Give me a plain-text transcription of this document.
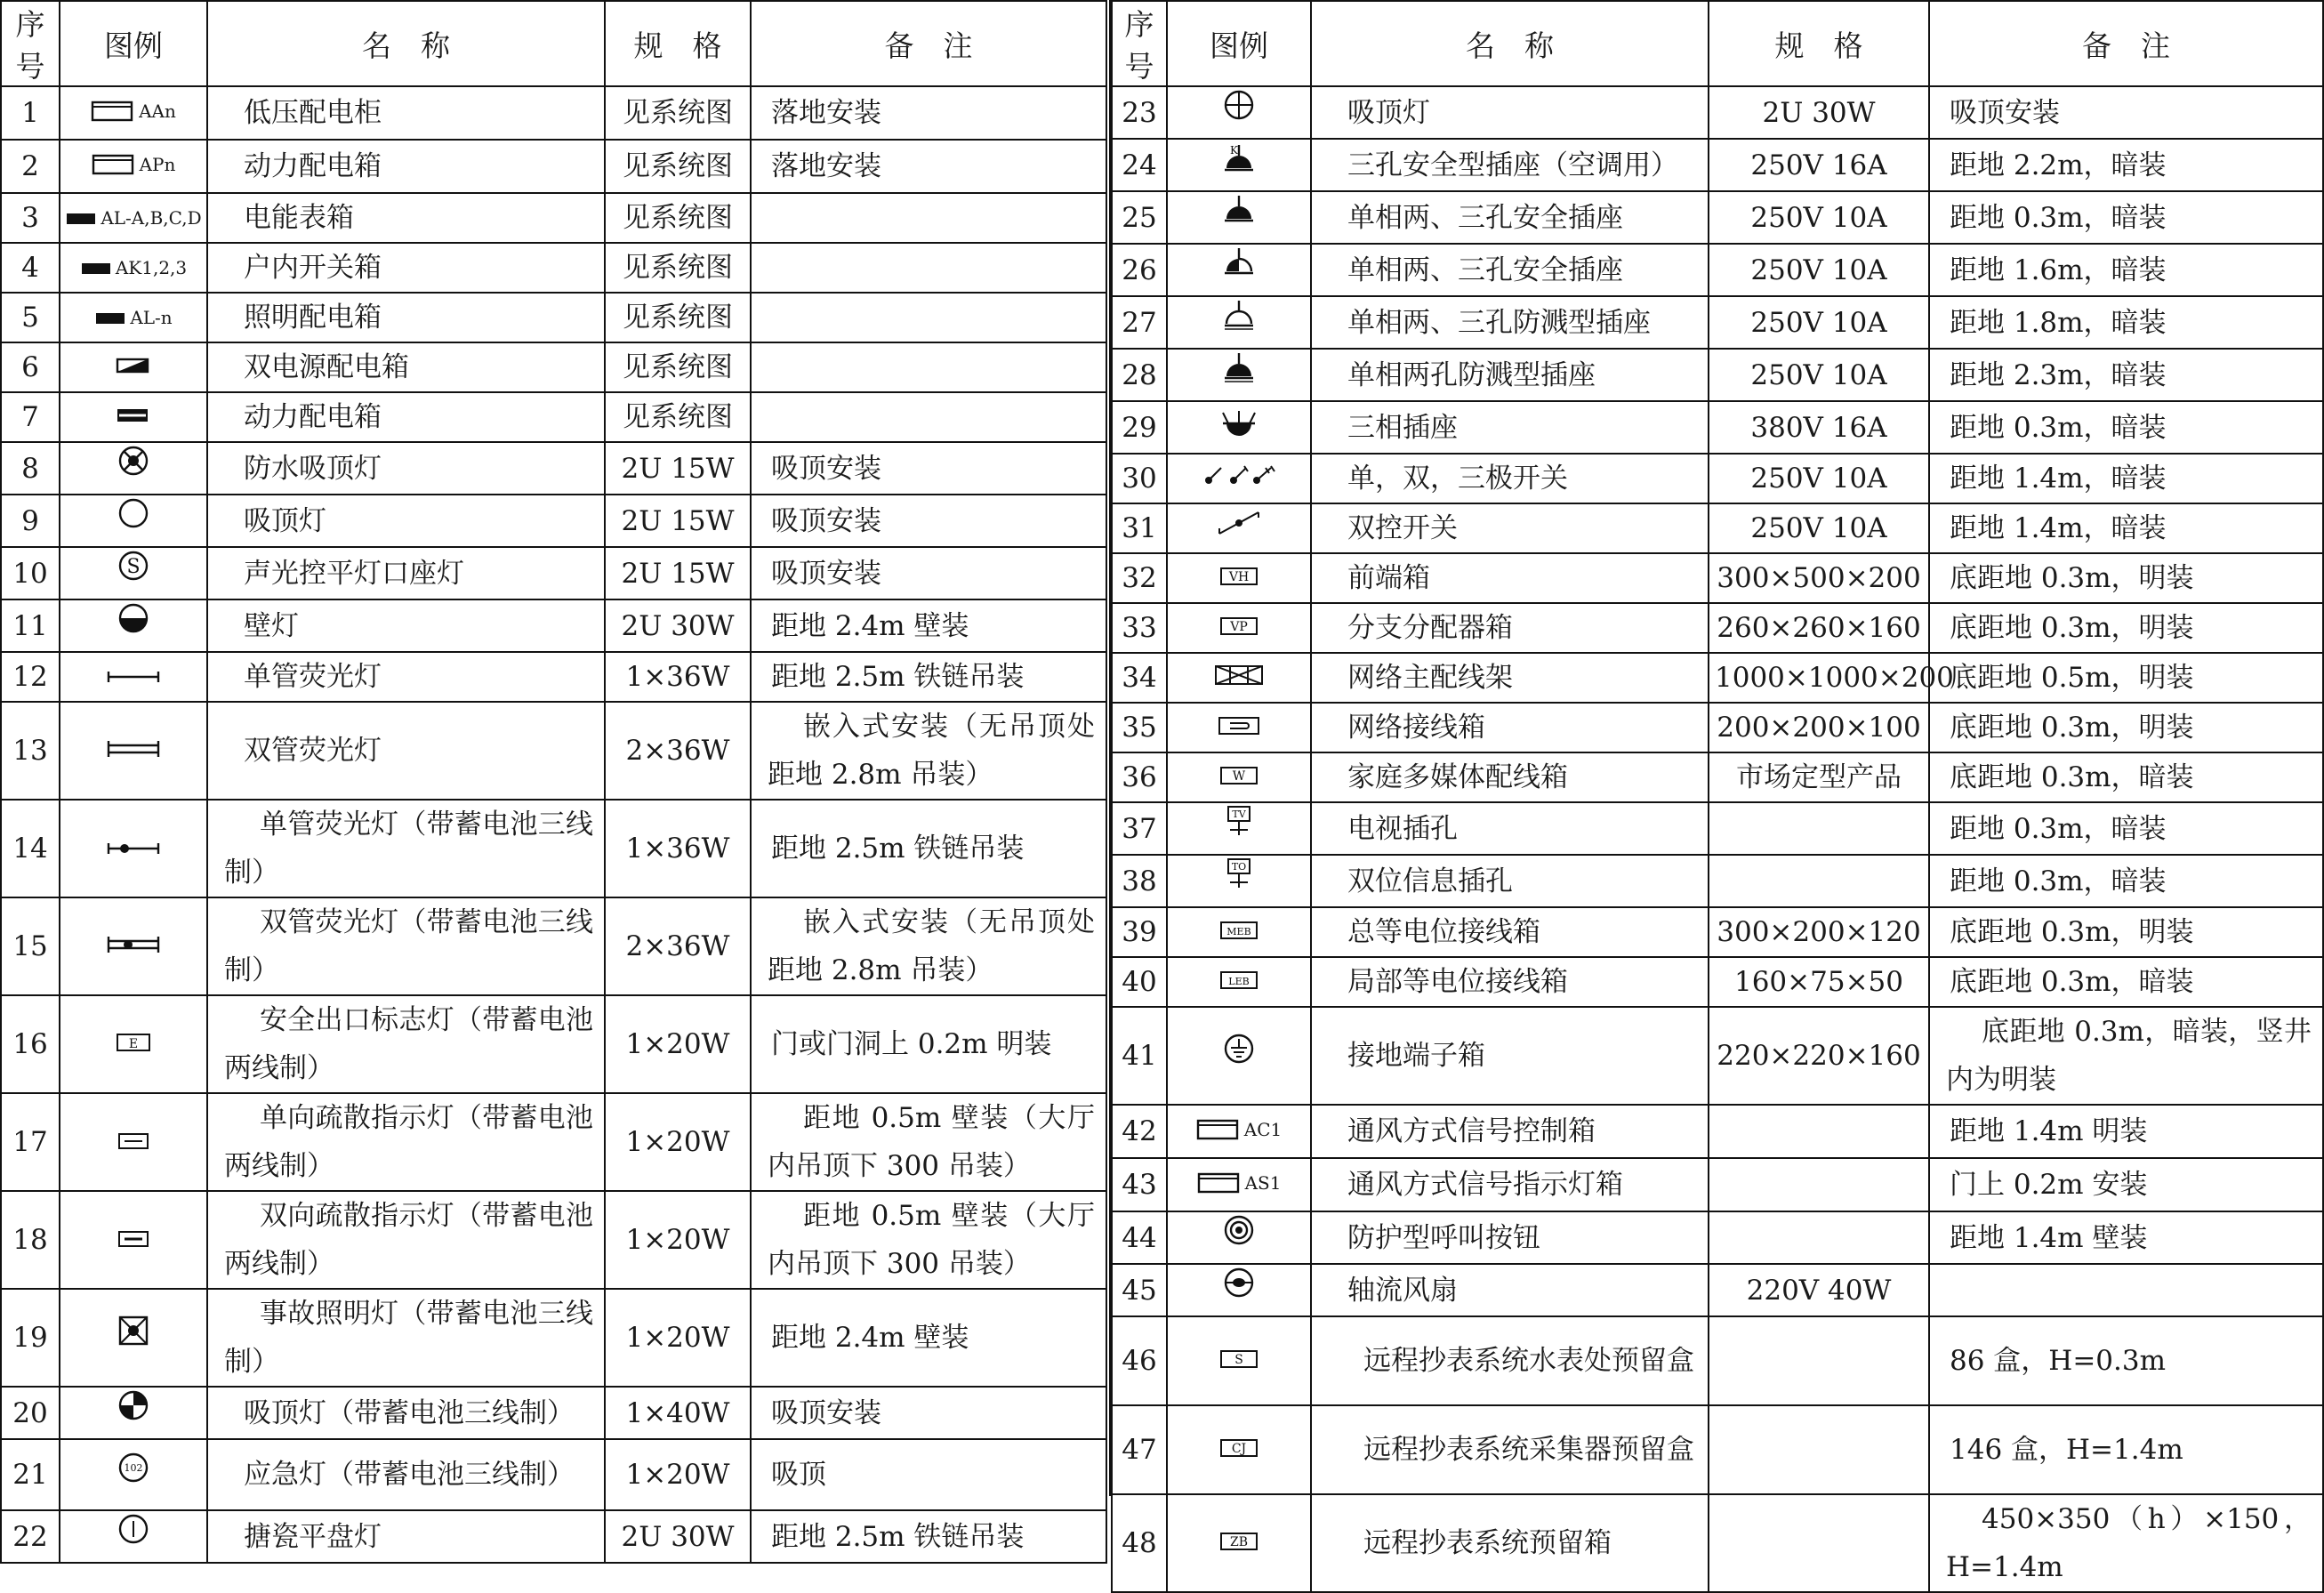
序号	图例	名　称	规　格	备　注
1	AAn	低压配电柜	见系统图	落地安装
2	APn	动力配电箱	见系统图	落地安装
3	AL-A,B,C,D	电能表箱	见系统图	
4	AK1,2,3	户内开关箱	见系统图	
5	AL-n	照明配电箱	见系统图	
6		双电源配电箱	见系统图	
7		动力配电箱	见系统图	
8		防水吸顶灯	2U 15W	吸顶安装
9		吸顶灯	2U 15W	吸顶安装
10	S	声光控平灯口座灯	2U 15W	吸顶安装
11		壁灯	2U 30W	距地 2.4m 壁装
12		单管荧光灯	1×36W	距地 2.5m 铁链吊装
13		双管荧光灯	2×36W	嵌入式安装（无吊顶处距地 2.8m 吊装）
14		单管荧光灯（带蓄电池三线制）	1×36W	距地 2.5m 铁链吊装
15		双管荧光灯（带蓄电池三线制）	2×36W	嵌入式安装（无吊顶处距地 2.8m 吊装）
16	E	安全出口标志灯（带蓄电池两线制）	1×20W	门或门洞上 0.2m 明装
17		单向疏散指示灯（带蓄电池两线制）	1×20W	距地 0.5m 壁装（大厅内吊顶下 300 吊装）
18		双向疏散指示灯（带蓄电池两线制）	1×20W	距地 0.5m 壁装（大厅内吊顶下 300 吊装）
19		事故照明灯（带蓄电池三线制）	1×20W	距地 2.4m 壁装
20		吸顶灯（带蓄电池三线制）	1×40W	吸顶安装
21	102	应急灯（带蓄电池三线制）	1×20W	吸顶
22		搪瓷平盘灯	2U 30W	距地 2.5m 铁链吊装
序号	图例	名　称	规　格	备　注
23		吸顶灯	2U 30W	吸顶安装
24	K	三孔安全型插座（空调用）	250V 16A	距地 2.2m，暗装
25		单相两、三孔安全插座	250V 10A	距地 0.3m，暗装
26		单相两、三孔安全插座	250V 10A	距地 1.6m，暗装
27		单相两、三孔防溅型插座	250V 10A	距地 1.8m，暗装
28		单相两孔防溅型插座	250V 10A	距地 2.3m，暗装
29		三相插座	380V 16A	距地 0.3m，暗装
30		单，双，三极开关	250V 10A	距地 1.4m，暗装
31		双控开关	250V 10A	距地 1.4m，暗装
32	VH	前端箱	300×500×200	底距地 0.3m，明装
33	VP	分支分配器箱	260×260×160	底距地 0.3m，明装
34		网络主配线架	1000×1000×200	底距地 0.5m，明装
35		网络接线箱	200×200×100	底距地 0.3m，明装
36	W	家庭多媒体配线箱	市场定型产品	底距地 0.3m，暗装
37	TV	电视插孔		距地 0.3m，暗装
38	TO	双位信息插孔		距地 0.3m，暗装
39	MEB	总等电位接线箱	300×200×120	底距地 0.3m，明装
40	LEB	局部等电位接线箱	160×75×50	底距地 0.3m，暗装
41		接地端子箱	220×220×160	底距地 0.3m，暗装，竖井内为明装
42	AC1	通风方式信号控制箱		距地 1.4m 明装
43	AS1	通风方式信号指示灯箱		门上 0.2m 安装
44		防护型呼叫按钮		距地 1.4m 壁装
45		轴流风扇	220V 40W	
46	S	远程抄表系统水表处预留盒		86 盒，H=0.3m
47	CJ	远程抄表系统采集器预留盒		146 盒，H=1.4m
48	ZB	远程抄表系统预留箱		450×350（h）×150，H=1.4m
